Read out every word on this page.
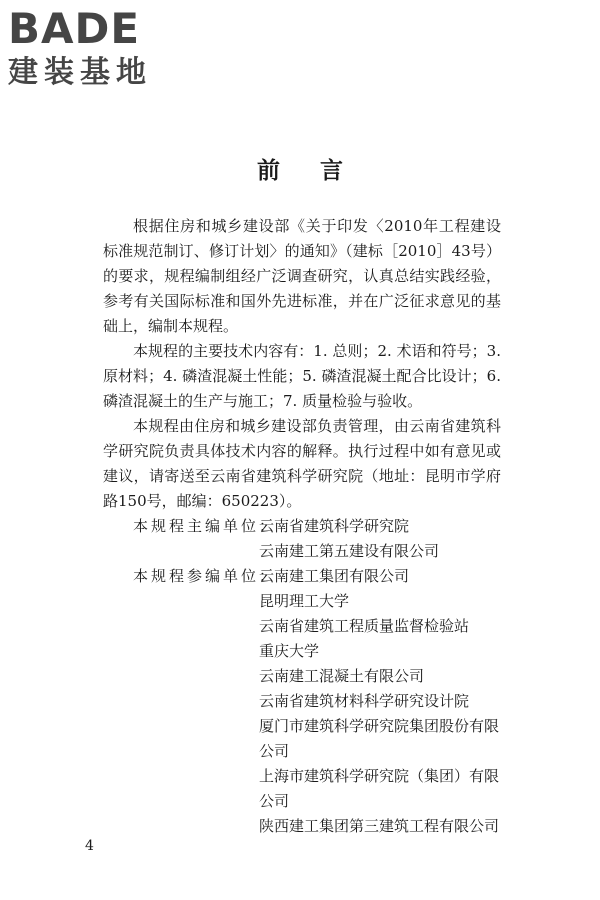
BADE
建装基地
前言

根据住房和城乡建设部《关于印发〈2010年工程建设标准规范制订、修订计划〉的通知》（建标［2010］43号）的要求，规程编制组经广泛调查研究，认真总结实践经验，参考有关国际标准和国外先进标准，并在广泛征求意见的基础上，编制本规程。

本规程的主要技术内容有：1. 总则；2. 术语和符号；3. 原材料；4. 磷渣混凝土性能；5. 磷渣混凝土配合比设计；6. 磷渣混凝土的生产与施工；7. 质量检验与验收。

本规程由住房和城乡建设部负责管理，由云南省建筑科学研究院负责具体技术内容的解释。执行过程中如有意见或建议，请寄送至云南省建筑科学研究院（地址：昆明市学府路150号，邮编：650223）。

本规程主编单位：
云南省建筑科学研究院
云南建工第五建设有限公司
本规程参编单位：
云南建工集团有限公司
昆明理工大学
云南省建筑工程质量监督检验站
重庆大学
云南建工混凝土有限公司
云南省建筑材料科学研究设计院
厦门市建筑科学研究院集团股份有限
公司
上海市建筑科学研究院（集团）有限
公司
陕西建工集团第三建筑工程有限公司
4
